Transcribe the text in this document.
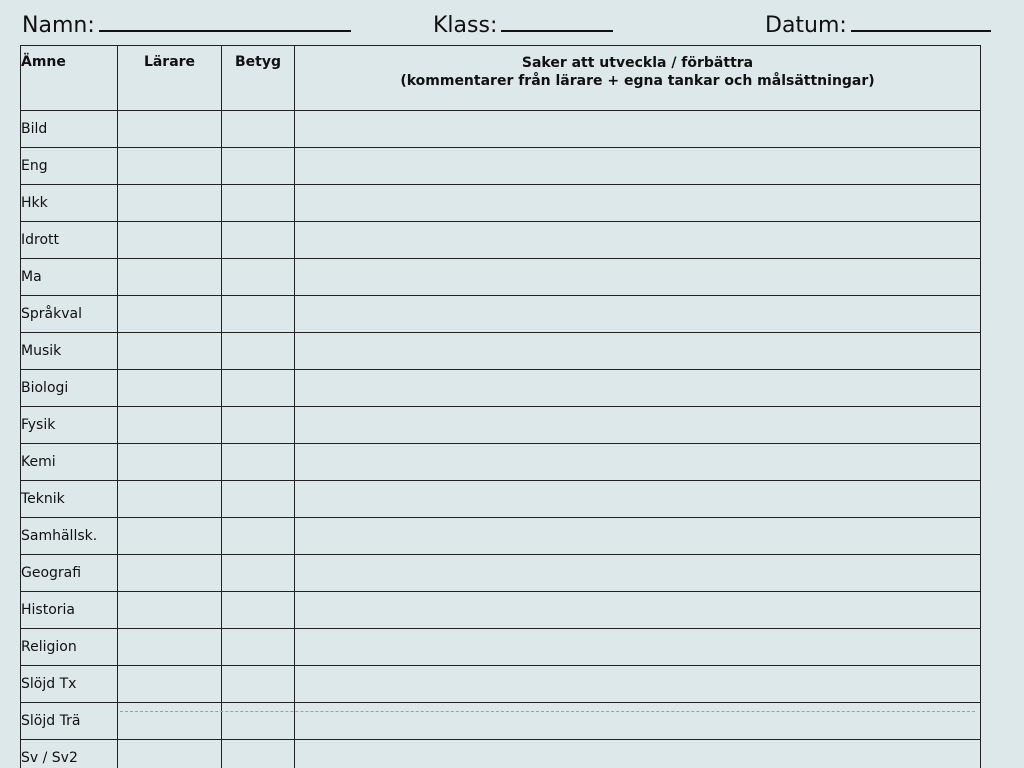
Namn:	Klass:	Datum:
Ämne	Lärare	Betyg	Saker att utveckla / förbättra
(kommentarer från lärare + egna tankar och målsättningar)

Bild			
Eng			
Hkk			
Idrott			
Ma			
Språkval			
Musik			
Biologi			
Fysik			
Kemi			
Teknik			
Samhällsk.			
Geografi			
Historia			
Religion			
Slöjd Tx			
Slöjd Trä			
Sv / Sv2			
